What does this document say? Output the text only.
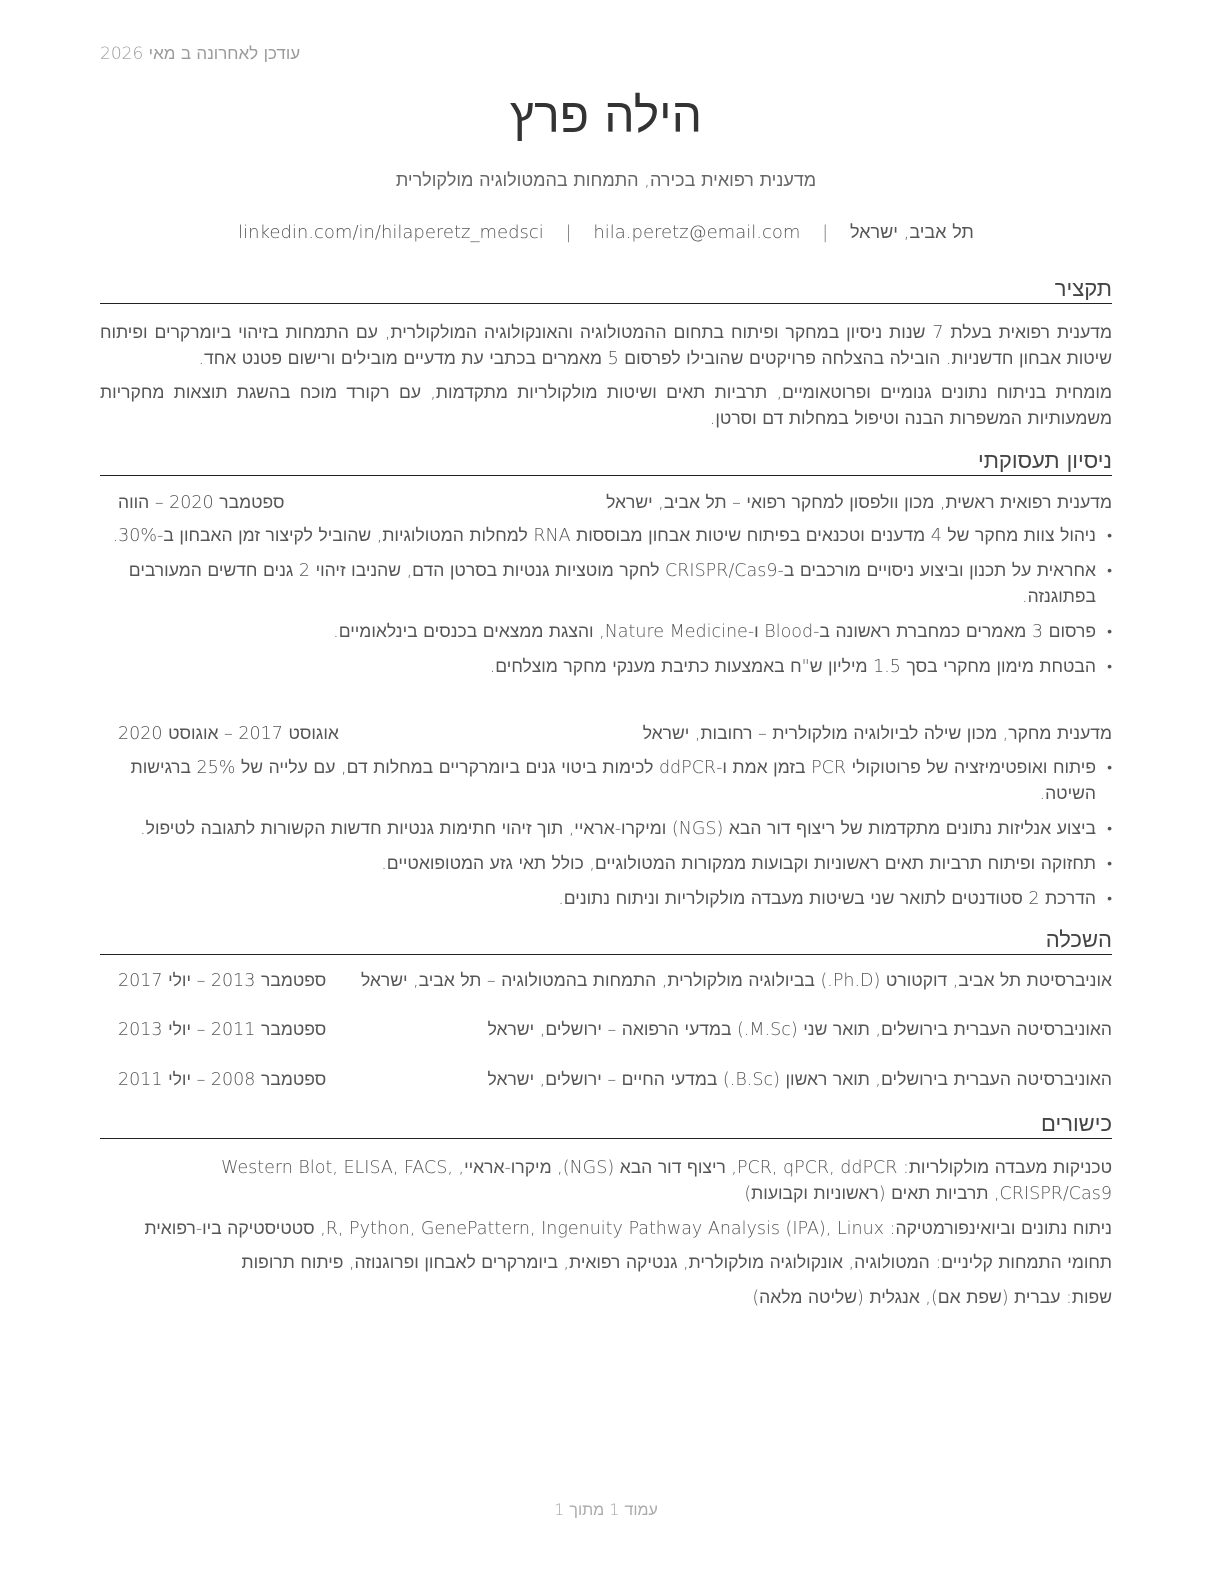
עודכן לאחרונה ב מאי 2026
הילה פרץ
מדענית רפואית בכירה, התמחות בהמטולוגיה מולקולרית
תל אביב, ישראל | hila.peretz@email.com | linkedin.com/in/hilaperetz_medsci
תקציר
מדענית רפואית בעלת 7 שנות ניסיון במחקר ופיתוח בתחום ההמטולוגיה והאונקולוגיה המולקולרית, עם התמחות בזיהוי ביומרקרים ופיתוח שיטות אבחון חדשניות. הובילה בהצלחה פרויקטים שהובילו לפרסום 5 מאמרים בכתבי עת מדעיים מובילים ורישום פטנט אחד.
מומחית בניתוח נתונים גנומיים ופרוטאומיים, תרביות תאים ושיטות מולקולריות מתקדמות, עם רקורד מוכח בהשגת תוצאות מחקריות משמעותיות המשפרות הבנה וטיפול במחלות דם וסרטן.
ניסיון תעסוקתי
מדענית רפואית ראשית, מכון וולפסון למחקר רפואי – תל אביב, ישראל
ספטמבר 2020 – הווה
• ניהול צוות מחקר של 4 מדענים וטכנאים בפיתוח שיטות אבחון מבוססות RNA למחלות המטולוגיות, שהוביל לקיצור זמן האבחון ב-30%.
• אחראית על תכנון וביצוע ניסויים מורכבים ב-CRISPR/Cas9 לחקר מוטציות גנטיות בסרטן הדם, שהניבו זיהוי 2 גנים חדשים המעורבים בפתוגנזה.
• פרסום 3 מאמרים כמחברת ראשונה ב-Blood ו-Nature Medicine, והצגת ממצאים בכנסים בינלאומיים.
• הבטחת מימון מחקרי בסך 1.5 מיליון ש"ח באמצעות כתיבת מענקי מחקר מוצלחים.
מדענית מחקר, מכון שילה לביולוגיה מולקולרית – רחובות, ישראל
אוגוסט 2017 – אוגוסט 2020
• פיתוח ואופטימיזציה של פרוטוקולי PCR בזמן אמת ו-ddPCR לכימות ביטוי גנים ביומרקריים במחלות דם, עם עלייה של 25% ברגישות השיטה.
• ביצוע אנליזות נתונים מתקדמות של ריצוף דור הבא (NGS) ומיקרו-אראיי, תוך זיהוי חתימות גנטיות חדשות הקשורות לתגובה לטיפול.
• תחזוקה ופיתוח תרביות תאים ראשוניות וקבועות ממקורות המטולוגיים, כולל תאי גזע המטופואטיים.
• הדרכת 2 סטודנטים לתואר שני בשיטות מעבדה מולקולריות וניתוח נתונים.
השכלה
אוניברסיטת תל אביב, דוקטורט (Ph.D.) בביולוגיה מולקולרית, התמחות בהמטולוגיה – תל אביב, ישראל
ספטמבר 2013 – יולי 2017
האוניברסיטה העברית בירושלים, תואר שני (M.Sc.) במדעי הרפואה – ירושלים, ישראל
ספטמבר 2011 – יולי 2013
האוניברסיטה העברית בירושלים, תואר ראשון (B.Sc.) במדעי החיים – ירושלים, ישראל
ספטמבר 2008 – יולי 2011
כישורים
טכניקות מעבדה מולקולריות: PCR, qPCR, ddPCR, ריצוף דור הבא (NGS), מיקרו-אראיי, Western Blot, ELISA, FACS, CRISPR/Cas9, תרביות תאים (ראשוניות וקבועות)
ניתוח נתונים וביואינפורמטיקה: R, Python, GenePattern, Ingenuity Pathway Analysis (IPA), Linux, סטטיסטיקה ביו-רפואית
תחומי התמחות קליניים: המטולוגיה, אונקולוגיה מולקולרית, גנטיקה רפואית, ביומרקרים לאבחון ופרוגנוזה, פיתוח תרופות
שפות: עברית (שפת אם), אנגלית (שליטה מלאה)
עמוד 1 מתוך 1
